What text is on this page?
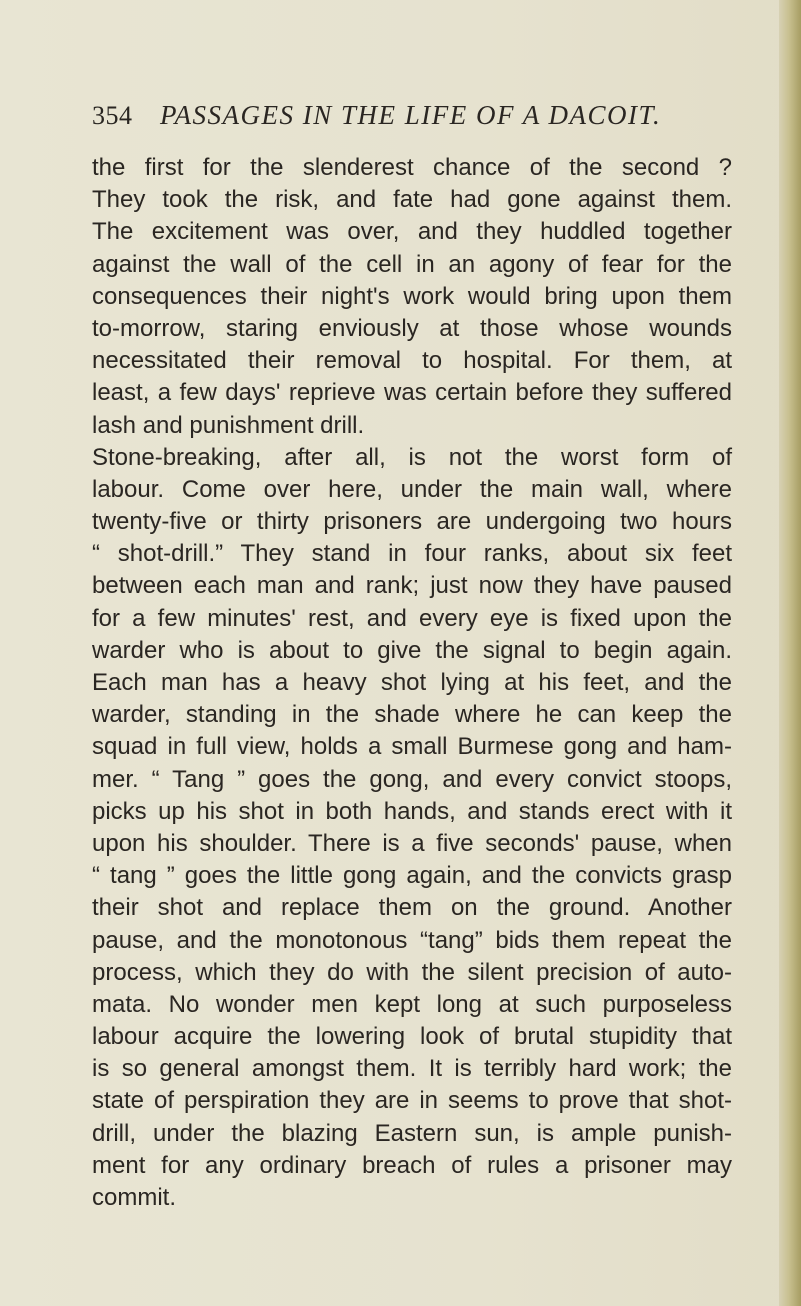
354 PASSAGES IN THE LIFE OF A DACOIT.
the first for the slenderest chance of the second ?
They took the risk, and fate had gone against them.
The excitement was over, and they huddled together
against the wall of the cell in an agony of fear for the
consequences their night's work would bring upon them
to-morrow, staring enviously at those whose wounds
necessitated their removal to hospital. For them, at
least, a few days' reprieve was certain before they suffered
lash and punishment drill.
Stone-breaking, after all, is not the worst form of
labour. Come over here, under the main wall, where
twenty-five or thirty prisoners are undergoing two hours
“ shot-drill.” They stand in four ranks, about six feet
between each man and rank; just now they have paused
for a few minutes' rest, and every eye is fixed upon the
warder who is about to give the signal to begin again.
Each man has a heavy shot lying at his feet, and the
warder, standing in the shade where he can keep the
squad in full view, holds a small Burmese gong and ham-
mer. “ Tang ” goes the gong, and every convict stoops,
picks up his shot in both hands, and stands erect with it
upon his shoulder. There is a five seconds' pause, when
“ tang ” goes the little gong again, and the convicts grasp
their shot and replace them on the ground. Another
pause, and the monotonous “tang” bids them repeat the
process, which they do with the silent precision of auto-
mata. No wonder men kept long at such purposeless
labour acquire the lowering look of brutal stupidity that
is so general amongst them. It is terribly hard work; the
state of perspiration they are in seems to prove that shot-
drill, under the blazing Eastern sun, is ample punish-
ment for any ordinary breach of rules a prisoner may
commit.
